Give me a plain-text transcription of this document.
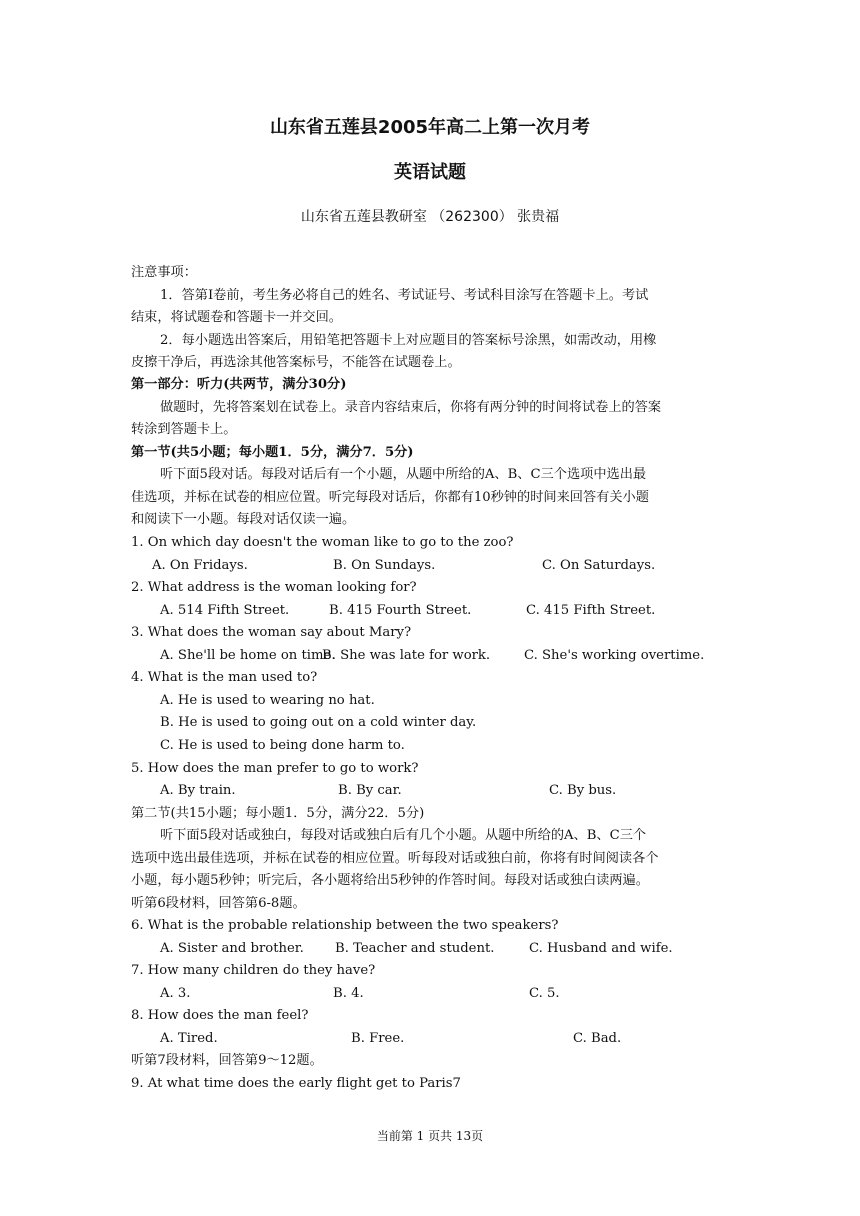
山东省五莲县2005年高二上第一次月考
英语试题
山东省五莲县教研室 （262300） 张贵福
注意事项：
1．答第I卷前，考生务必将自己的姓名、考试证号、考试科目涂写在答题卡上。考试
结束，将试题卷和答题卡一并交回。
2．每小题选出答案后，用铅笔把答题卡上对应题目的答案标号涂黑，如需改动，用橡
皮擦干净后，再选涂其他答案标号，不能答在试题卷上。
第一部分：听力(共两节，满分30分)
做题时，先将答案划在试卷上。录音内容结束后，你将有两分钟的时间将试卷上的答案
转涂到答题卡上。
第一节(共5小题；每小题1．5分，满分7．5分)
听下面5段对话。每段对话后有一个小题，从题中所给的A、B、C三个选项中选出最
佳选项，并标在试卷的相应位置。听完每段对话后，你都有10秒钟的时间来回答有关小题
和阅读下一小题。每段对话仅读一遍。
1. On which day doesn't the woman like to go to the zoo?
A. On Fridays.	B. On Sundays.	C. On Saturdays.
2. What address is the woman looking for?
A. 514 Fifth Street.	B. 415 Fourth Street.	C. 415 Fifth Street.
3. What does the woman say about Mary?
A. She'll be home on time.
B. She was late for work.	C. She's working overtime.
4. What is the man used to?
A. He is used to wearing no hat.
B. He is used to going out on a cold winter day.
C. He is used to being done harm to.
5. How does the man prefer to go to work?
A. By train.	B. By car.	C. By bus.
第二节(共15小题；每小题1．5分，满分22．5分)
听下面5段对话或独白，每段对话或独白后有几个小题。从题中所给的A、B、C三个
选项中选出最佳选项，并标在试卷的相应位置。听每段对话或独白前，你将有时间阅读各个
小题，每小题5秒钟；听完后，各小题将给出5秒钟的作答时间。每段对话或独白读两遍。
听第6段材料，回答第6-8题。
6. What is the probable relationship between the two speakers?
A. Sister and brother. B. Teacher and student.	C. Husband and wife.
7. How many children do they have?
A. 3.	B. 4.	C. 5.
8. How does the man feel?
A. Tired.	B. Free.	C. Bad.
听第7段材料，回答第9～12题。
9. At what time does the early flight get to Paris7
当前第 1 页共 13页
